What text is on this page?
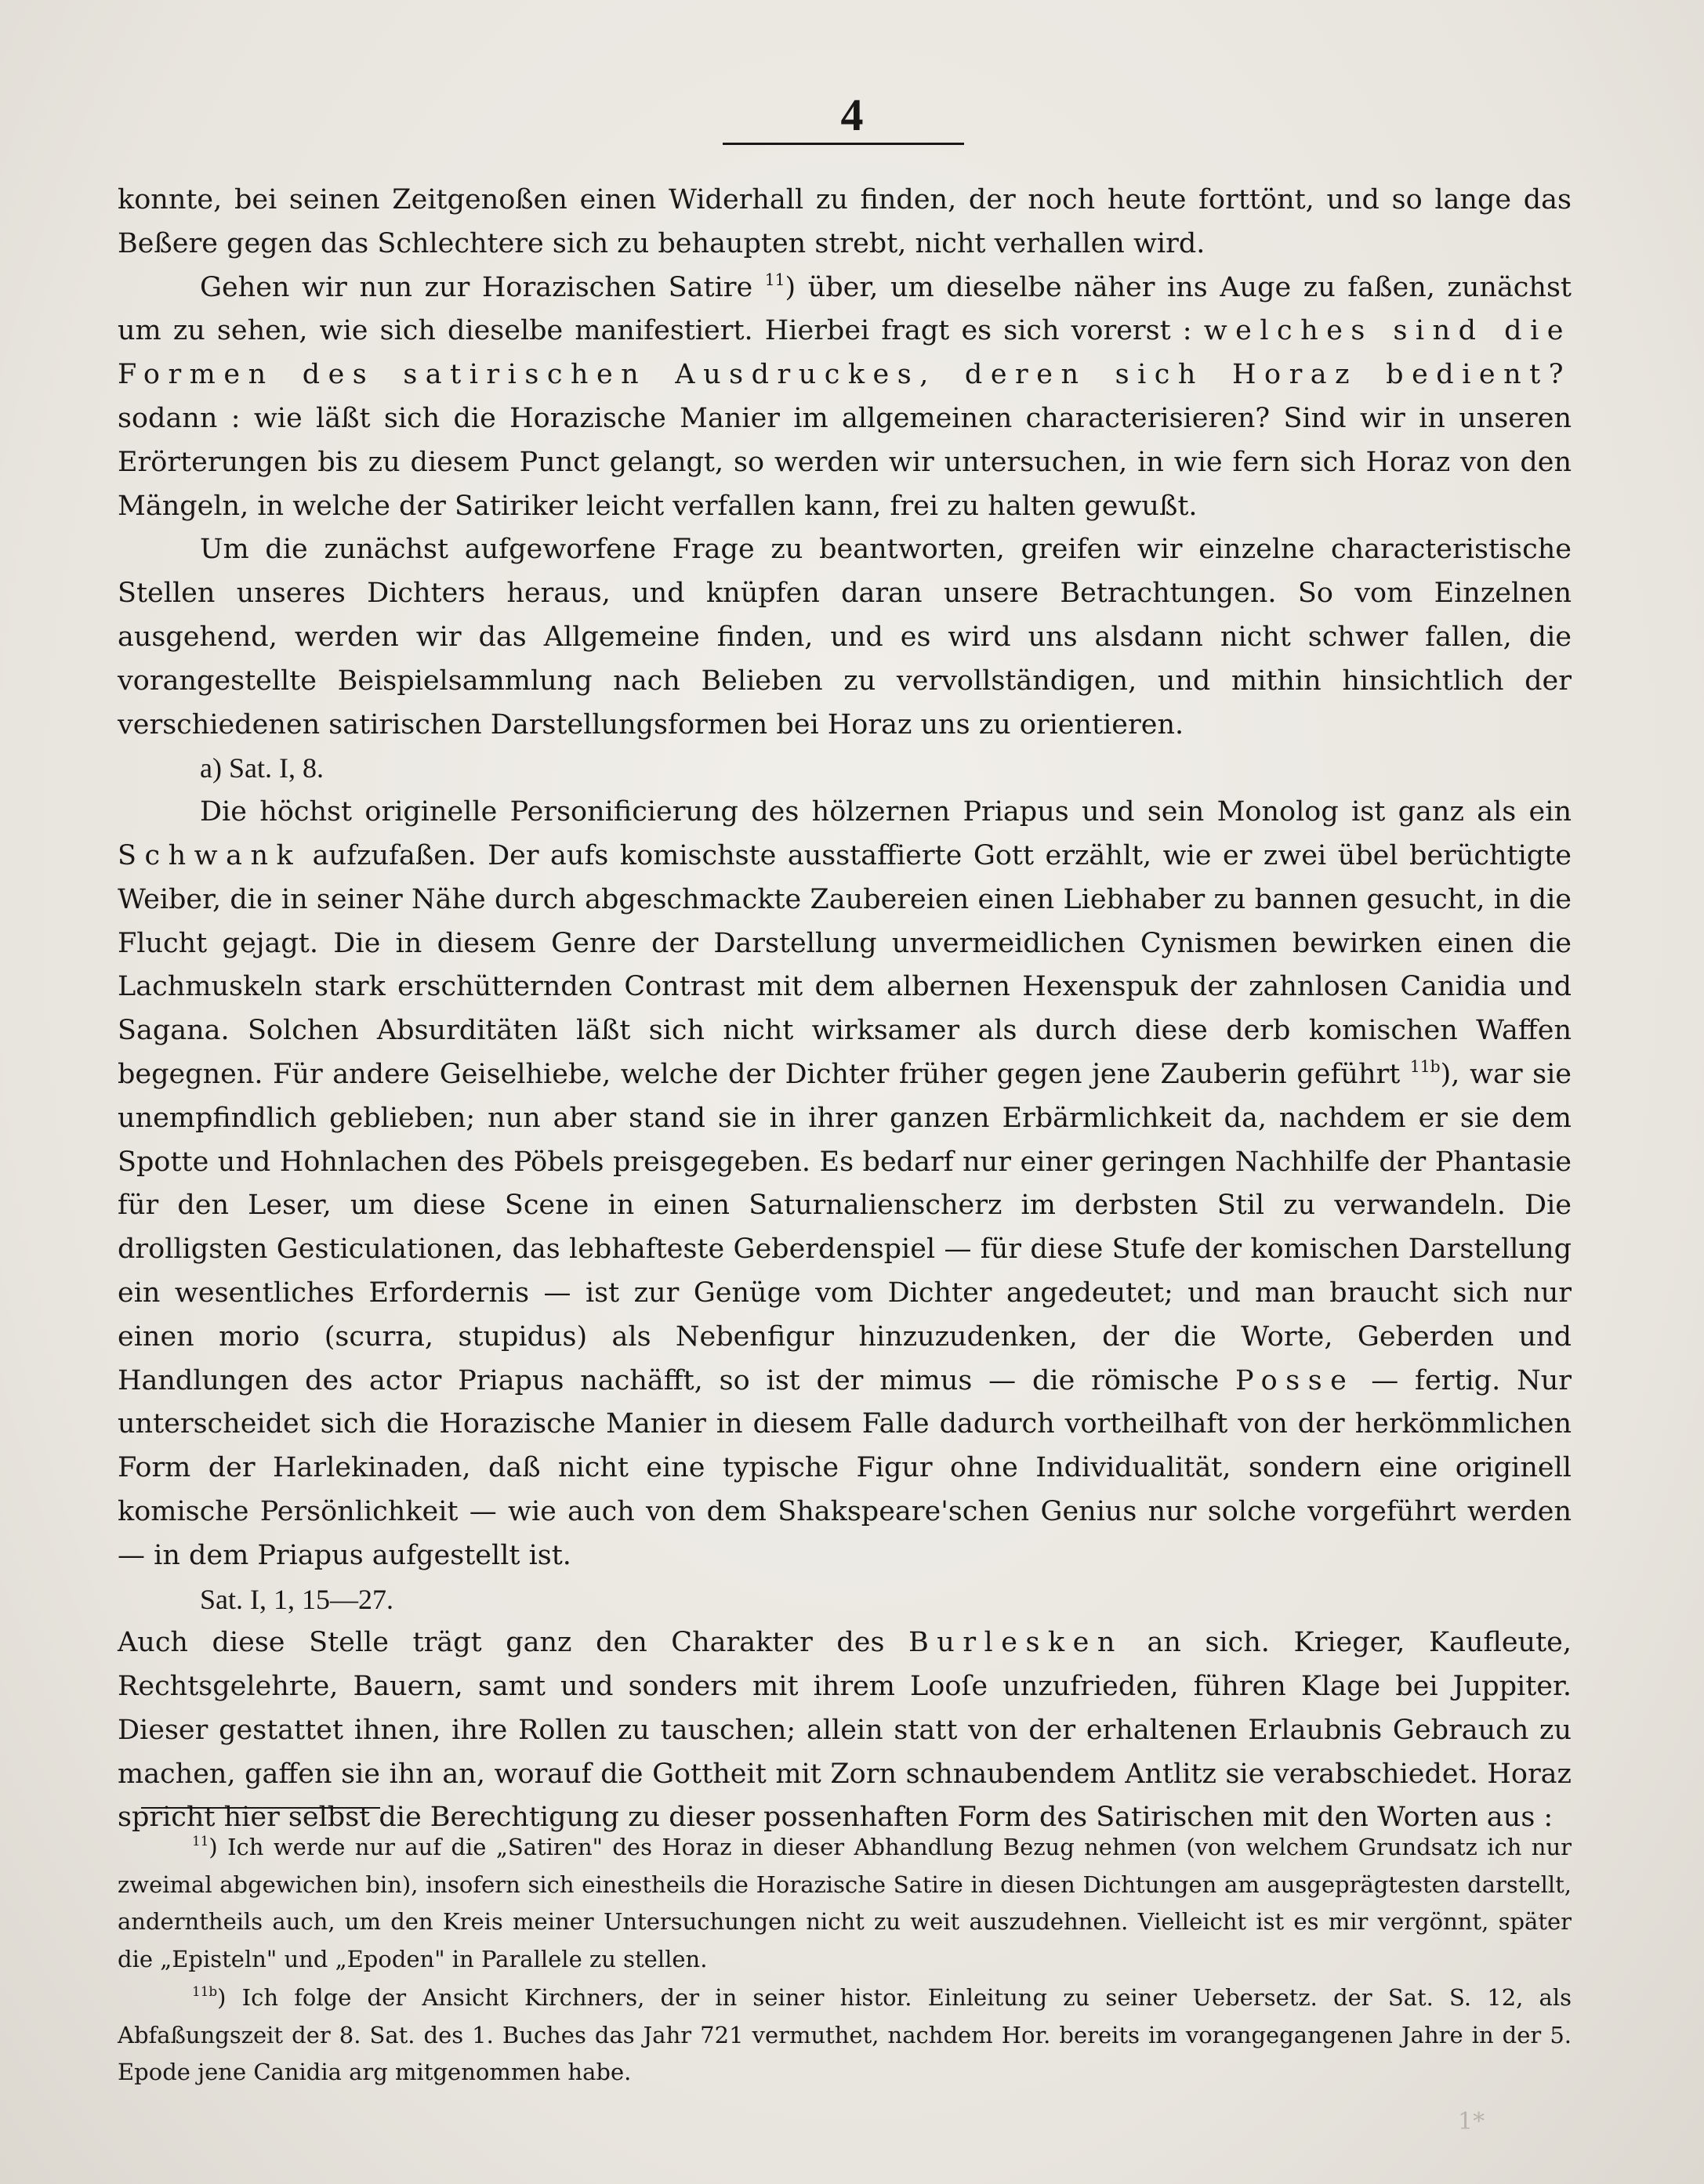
4

konnte, bei seinen Zeitgenoßen einen Widerhall zu finden, der noch heute forttönt, und so lange das Beßere gegen das Schlechtere sich zu behaupten strebt, nicht verhallen wird.

Gehen wir nun zur Horazischen Satire $^{11}$) über, um dieselbe näher ins Auge zu faßen, zunächst um zu sehen, wie sich dieselbe manifestiert. Hierbei fragt es sich vorerst : welches sind die Formen des satirischen Ausdruckes, deren sich Horaz bedient? sodann : wie läßt sich die Horazische Manier im allgemeinen characterisieren? Sind wir in unseren Erörterungen bis zu diesem Punct gelangt, so werden wir untersuchen, in wie fern sich Horaz von den Mängeln, in welche der Satiriker leicht verfallen kann, frei zu halten gewußt.

Um die zunächst aufgeworfene Frage zu beantworten, greifen wir einzelne characteristische Stellen unseres Dichters heraus, und knüpfen daran unsere Betrachtungen. So vom Einzelnen ausgehend, werden wir das Allgemeine finden, und es wird uns alsdann nicht schwer fallen, die vorangestellte Beispielsammlung nach Belieben zu vervollständigen, und mithin hinsichtlich der verschiedenen satirischen Darstellungsformen bei Horaz uns zu orientieren.

a) Sat. I, 8.

Die höchst originelle Personificierung des hölzernen Priapus und sein Monolog ist ganz als ein Schwank aufzufaßen. Der aufs komischste ausstaffierte Gott erzählt, wie er zwei übel berüchtigte Weiber, die in seiner Nähe durch abgeschmackte Zaubereien einen Liebhaber zu bannen gesucht, in die Flucht gejagt. Die in diesem Genre der Darstellung unvermeidlichen Cynismen bewirken einen die Lachmuskeln stark erschütternden Contrast mit dem albernen Hexenspuk der zahnlosen Canidia und Sagana. Solchen Absurditäten läßt sich nicht wirksamer als durch diese derb komischen Waffen begegnen. Für andere Geiselhiebe, welche der Dichter früher gegen jene Zauberin geführt $^{11b}$), war sie unempfindlich geblieben; nun aber stand sie in ihrer ganzen Erbärmlichkeit da, nachdem er sie dem Spotte und Hohnlachen des Pöbels preisgegeben. Es bedarf nur einer geringen Nachhilfe der Phantasie für den Leser, um diese Scene in einen Saturnalienscherz im derbsten Stil zu verwandeln. Die drolligsten Gesticulationen, das lebhafteste Geberdenspiel — für diese Stufe der komischen Darstellung ein wesentliches Erfordernis — ist zur Genüge vom Dichter angedeutet; und man braucht sich nur einen morio (scurra, stupidus) als Nebenfigur hinzuzudenken, der die Worte, Geberden und Handlungen des actor Priapus nachäfft, so ist der mimus — die römische Posse — fertig. Nur unterscheidet sich die Horazische Manier in diesem Falle dadurch vortheilhaft von der herkömmlichen Form der Harlekinaden, daß nicht eine typische Figur ohne Individualität, sondern eine originell komische Persönlichkeit — wie auch von dem Shakspeare'schen Genius nur solche vorgeführt werden — in dem Priapus aufgestellt ist.

Sat. I, 1, 15—27.

Auch diese Stelle trägt ganz den Charakter des Burlesken an sich. Krieger, Kaufleute, Rechtsgelehrte, Bauern, samt und sonders mit ihrem Looſe unzufrieden, führen Klage bei Juppiter. Dieser gestattet ihnen, ihre Rollen zu tauschen; allein statt von der erhaltenen Erlaubnis Gebrauch zu machen, gaffen sie ihn an, worauf die Gottheit mit Zorn schnaubendem Antlitz sie verabschiedet. Horaz spricht hier selbst die Berechtigung zu dieser possenhaften Form des Satirischen mit den Worten aus :

$^{11}$) Ich werde nur auf die „Satiren" des Horaz in dieser Abhandlung Bezug nehmen (von welchem Grundsatz ich nur zweimal abgewichen bin), insofern sich einestheils die Horazische Satire in diesen Dichtungen am ausgeprägtesten darstellt, anderntheils auch, um den Kreis meiner Untersuchungen nicht zu weit auszudehnen. Vielleicht ist es mir vergönnt, später die „Episteln" und „Epoden" in Parallele zu stellen.

$^{11b}$) Ich folge der Ansicht Kirchners, der in seiner histor. Einleitung zu seiner Uebersetz. der Sat. S. 12, als Abfaßungszeit der 8. Sat. des 1. Buches das Jahr 721 vermuthet, nachdem Hor. bereits im vorangegangenen Jahre in der 5. Epode jene Canidia arg mitgenommen habe.

1*
